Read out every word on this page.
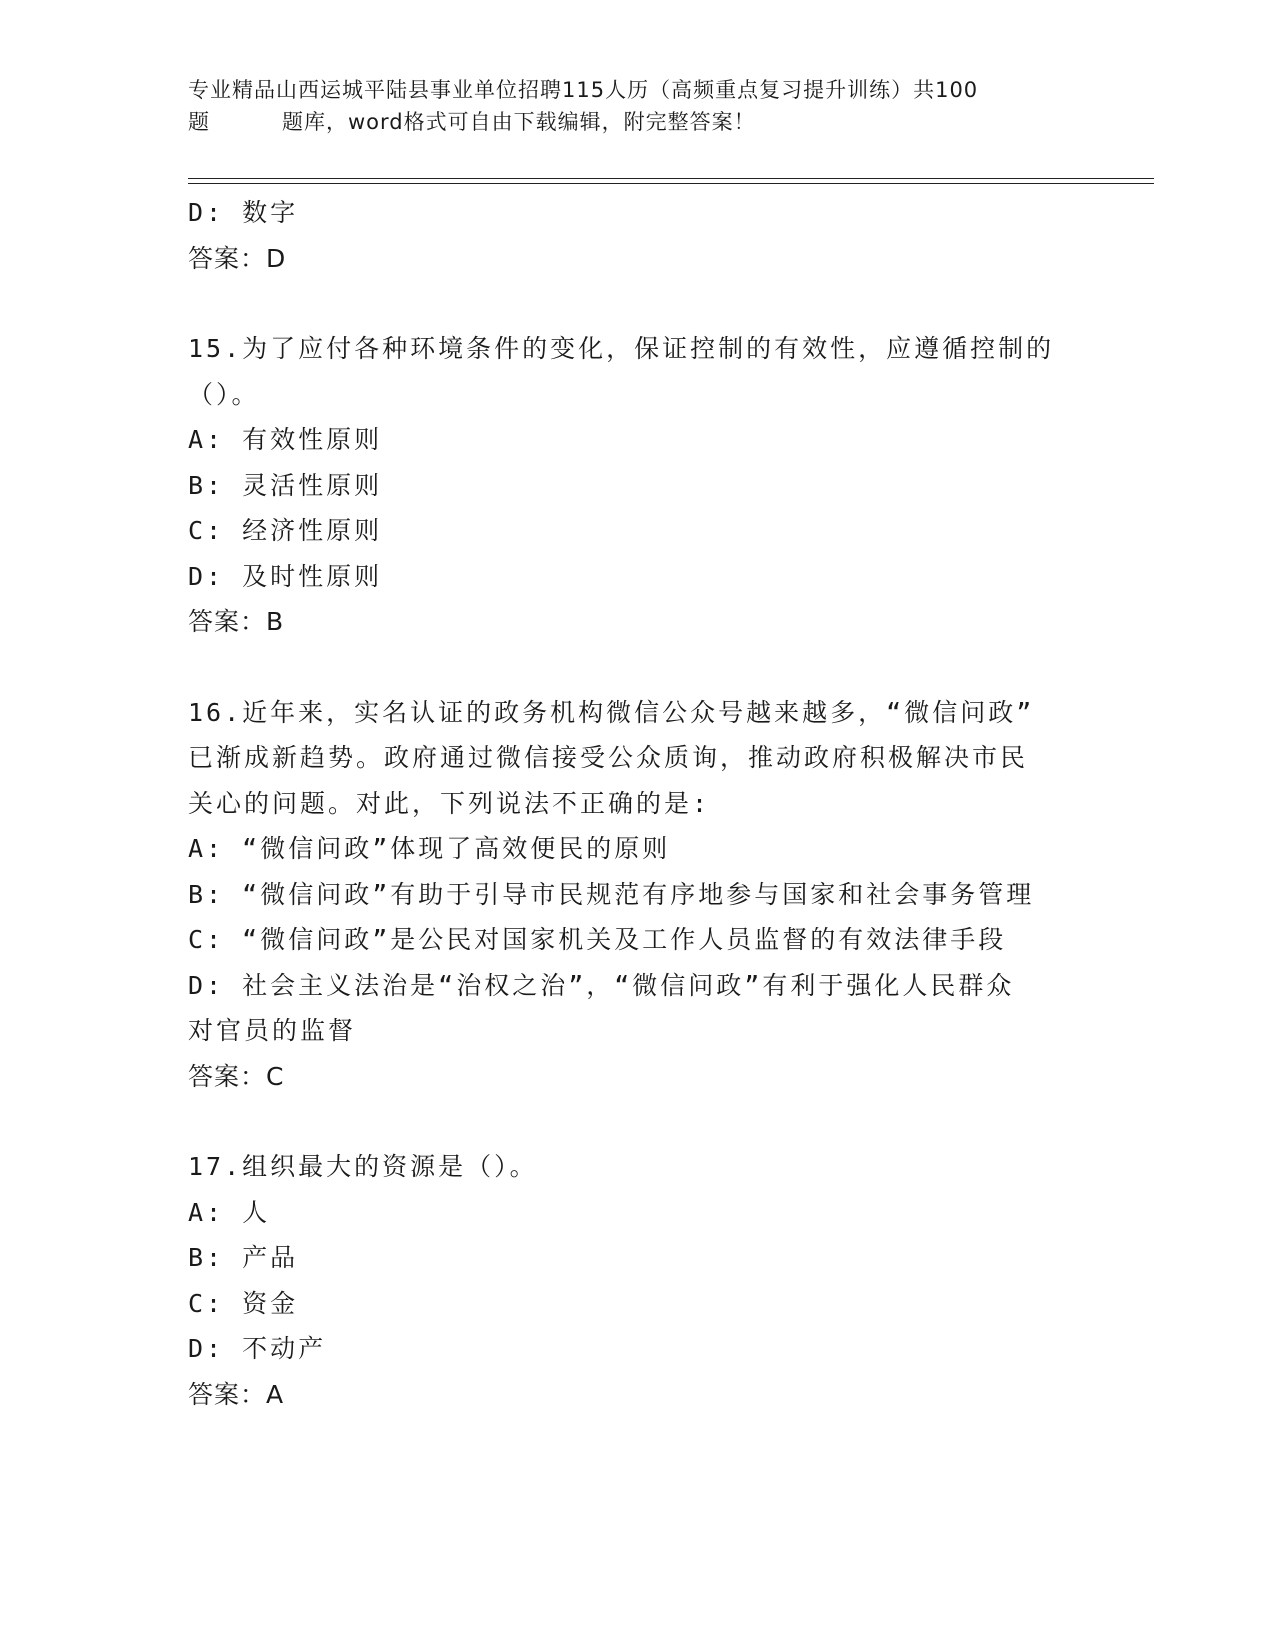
专业精品山西运城平陆县事业单位招聘115人历（高频重点复习提升训练）共100
题	题库，word格式可自由下载编辑，附完整答案！
D: 数字
答案：D
15.为了应付各种环境条件的变化，保证控制的有效性，应遵循控制的
（）。
A: 有效性原则
B: 灵活性原则
C: 经济性原则
D: 及时性原则
答案：B
16.近年来，实名认证的政务机构微信公众号越来越多，“微信问政”
已渐成新趋势。政府通过微信接受公众质询，推动政府积极解决市民
关心的问题。对此，下列说法不正确的是:
A: “微信问政”体现了高效便民的原则
B: “微信问政”有助于引导市民规范有序地参与国家和社会事务管理
C: “微信问政”是公民对国家机关及工作人员监督的有效法律手段
D: 社会主义法治是“治权之治”，“微信问政”有利于强化人民群众
对官员的监督
答案：C
17.组织最大的资源是（）。
A: 人
B: 产品
C: 资金
D: 不动产
答案：A
